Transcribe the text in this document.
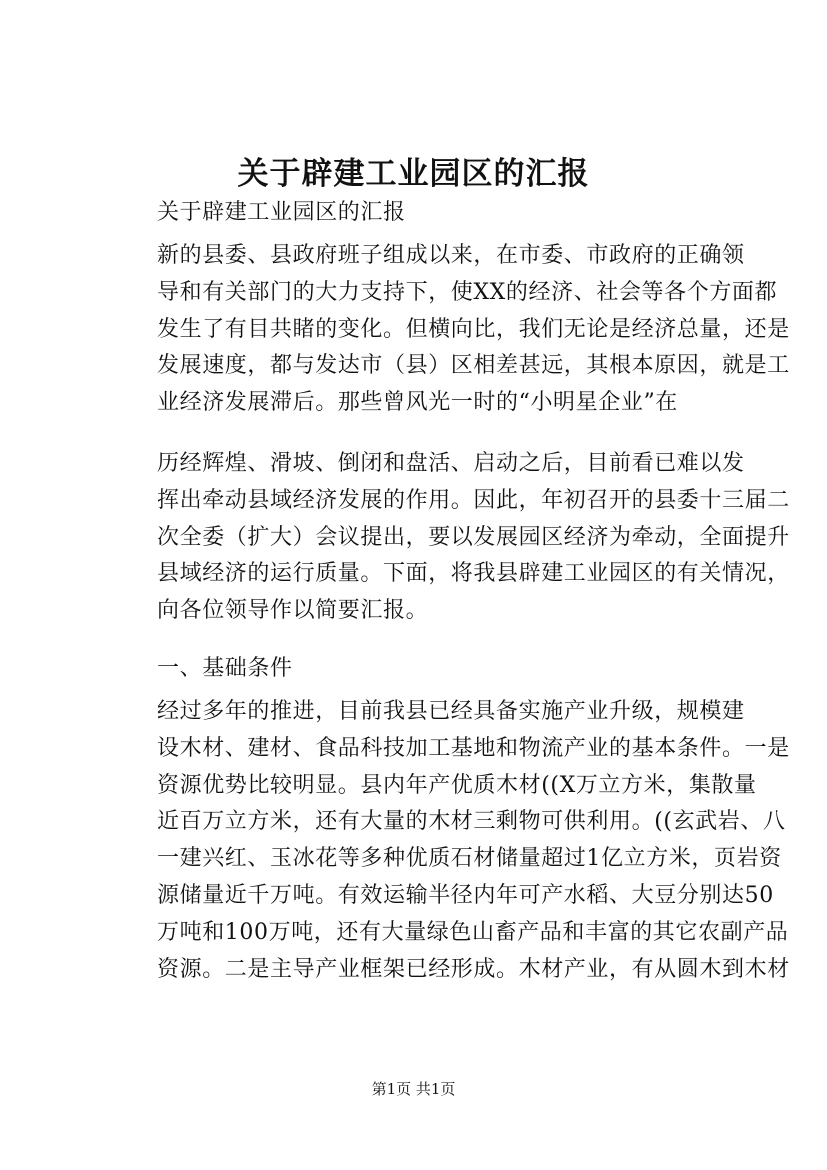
关于辟建工业园区的汇报
关于辟建工业园区的汇报
新的县委、县政府班子组成以来，在市委、市政府的正确领
导和有关部门的大力支持下，使XX的经济、社会等各个方面都
发生了有目共睹的变化。但横向比，我们无论是经济总量，还是
发展速度，都与发达市（县）区相差甚远，其根本原因，就是工
业经济发展滞后。那些曾风光一时的“小明星企业”在
历经辉煌、滑坡、倒闭和盘活、启动之后，目前看已难以发
挥出牵动县域经济发展的作用。因此，年初召开的县委十三届二
次全委（扩大）会议提出，要以发展园区经济为牵动，全面提升
县域经济的运行质量。下面，将我县辟建工业园区的有关情况，
向各位领导作以简要汇报。
一、基础条件
经过多年的推进，目前我县已经具备实施产业升级，规模建
设木材、建材、食品科技加工基地和物流产业的基本条件。一是
资源优势比较明显。县内年产优质木材((X万立方米，集散量
近百万立方米，还有大量的木材三剩物可供利用。((玄武岩、八
一建兴红、玉冰花等多种优质石材储量超过1亿立方米，页岩资
源储量近千万吨。有效运输半径内年可产水稻、大豆分别达50
万吨和100万吨，还有大量绿色山畜产品和丰富的其它农副产品
资源。二是主导产业框架已经形成。木材产业，有从圆木到木材
第1页 共1页
